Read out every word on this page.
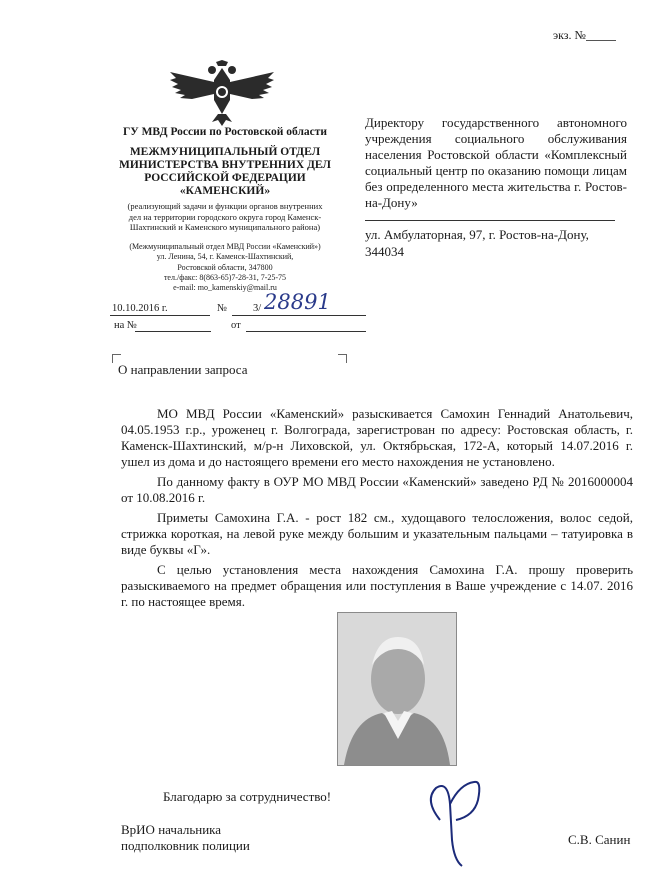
экз. №
ГУ МВД России по Ростовской области
МЕЖМУНИЦИПАЛЬНЫЙ ОТДЕЛ
МИНИСТЕРСТВА ВНУТРЕННИХ ДЕЛ
РОССИЙСКОЙ ФЕДЕРАЦИИ
«КАМЕНСКИЙ»
(реализующий задачи и функции органов внутренних
дел на территории городского округа город Каменск-
Шахтинский и Каменского муниципального района)
(Межмуниципальный отдел МВД России «Каменский»)
ул. Ленина, 54, г. Каменск-Шахтинский,
Ростовской области, 347800
тел./факс: 8(863-65)7-28-31, 7-25-75
e-mail: mo_kamenskiy@mail.ru
10.10.2016 г.	№ 3/ 28891
на №	от
О направлении запроса
Директору государственного автономного учреждения социального обслуживания населения Ростовской области «Комплексный социальный центр по оказанию помощи лицам без определенного места жительства г. Ростов-на-Дону»
ул. Амбулаторная, 97, г. Ростов-на-Дону,
344034

МО МВД России «Каменский» разыскивается Самохин Геннадий Анатольевич, 04.05.1953 г.р., уроженец г. Волгограда, зарегистрован по адресу: Ростовская область, г. Каменск-Шахтинский, м/р-н Лиховской, ул. Октябрьская, 172-А, который 14.07.2016 г. ушел из дома и до настоящего времени его место нахождения не установлено.

По данному факту в ОУР МО МВД России «Каменский» заведено РД № 2016000004 от 10.08.2016 г.

Приметы Самохина Г.А. - рост 182 см., худощавого телосложения, волос седой, стрижка короткая, на левой руке между большим и указательным пальцами – татуировка в виде буквы «Г».

С целью установления места нахождения Самохина Г.А. прошу проверить разыскиваемого на предмет обращения или поступления в Ваше учреждение с 14.07. 2016 г. по настоящее время.

Благодарю за сотрудничество!
ВрИО начальника
подполковник полиции	С.В. Санин
